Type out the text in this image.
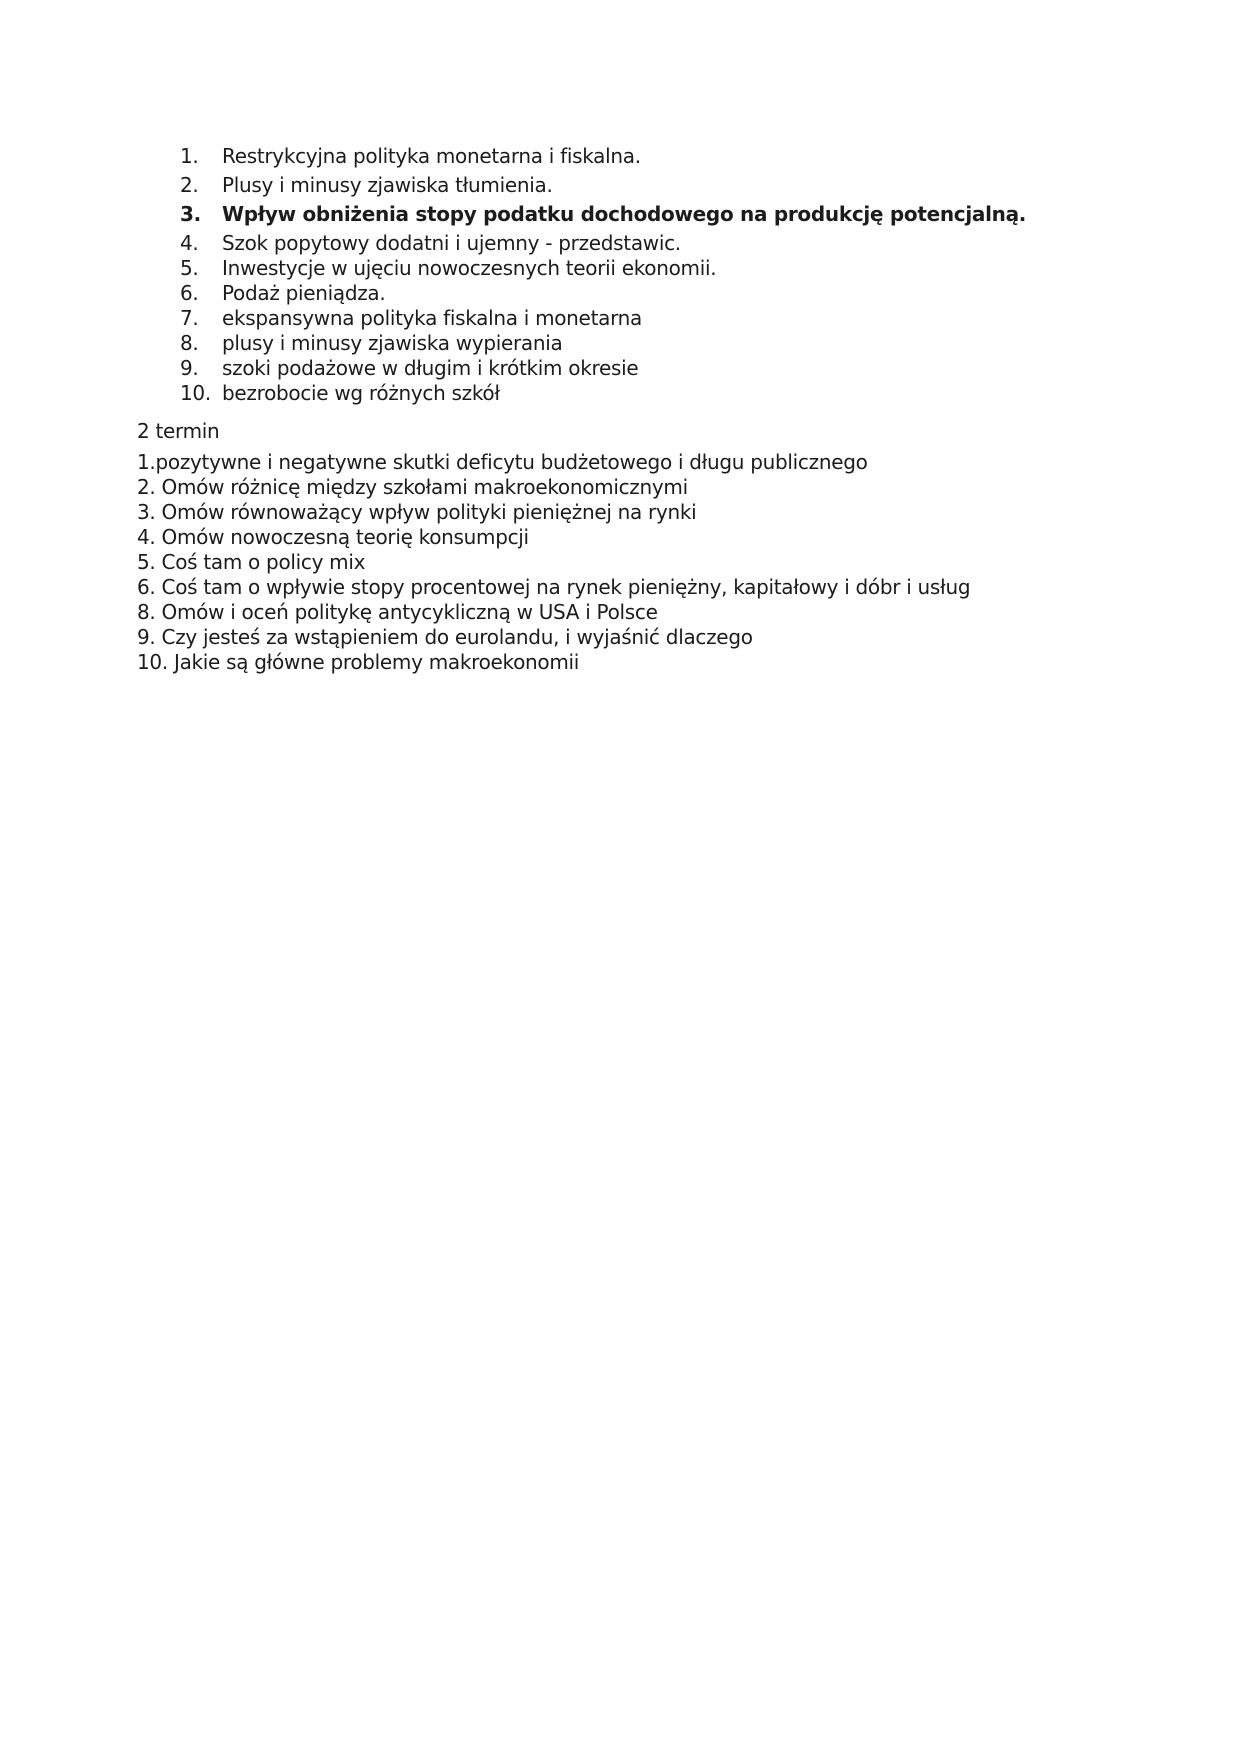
1.	Restrykcyjna polityka monetarna i fiskalna.
2.	Plusy i minusy zjawiska tłumienia.
3.	Wpływ obniżenia stopy podatku dochodowego na produkcję potencjalną.
4.	Szok popytowy dodatni i ujemny - przedstawic.
5.	Inwestycje w ujęciu nowoczesnych teorii ekonomii.
6.	Podaż pieniądza.
7.	ekspansywna polityka fiskalna i monetarna
8.	plusy i minusy zjawiska wypierania
9.	szoki podażowe w długim i krótkim okresie
10. bezrobocie wg różnych szkół

2 termin

1.pozytywne i negatywne skutki deficytu budżetowego i długu publicznego

2. Omów różnicę między szkołami makroekonomicznymi

3. Omów równoważący wpływ polityki pieniężnej na rynki

4. Omów nowoczesną teorię konsumpcji

5. Coś tam o policy mix

6. Coś tam o wpływie stopy procentowej na rynek pieniężny, kapitałowy i dóbr i usług

8. Omów i oceń politykę antycykliczną w USA i Polsce

9. Czy jesteś za wstąpieniem do eurolandu, i wyjaśnić dlaczego

10. Jakie są główne problemy makroekonomii
